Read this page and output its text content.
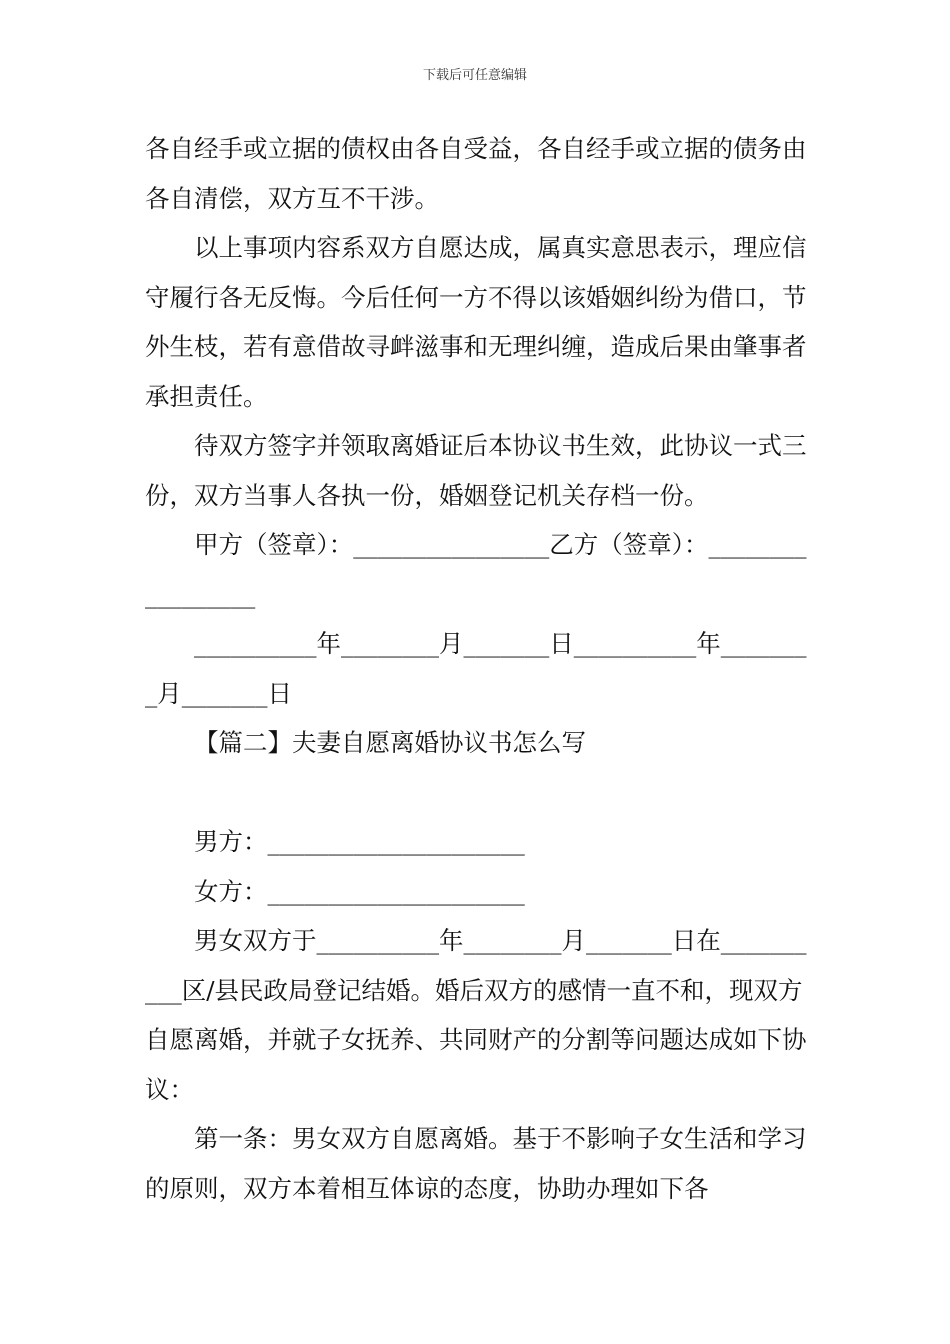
下载后可任意编辑

各自经手或立据的债权由各自受益，各自经手或立据的债务由各自清偿，双方互不干涉。

以上事项内容系双方自愿达成，属真实意思表示，理应信守履行各无反悔。今后任何一方不得以该婚姻纠纷为借口，节外生枝，若有意借故寻衅滋事和无理纠缠，造成后果由肇事者承担责任。

待双方签字并领取离婚证后本协议书生效，此协议一式三份，双方当事人各执一份，婚姻登记机关存档一份。

甲方（签章）：________________乙方（签章）：_________________

__________年________月_______日__________年________月_______日

【篇二】夫妻自愿离婚协议书怎么写

男方：_____________________

女方：_____________________

男女双方于__________年________月_______日在__________区/县民政局登记结婚。婚后双方的感情一直不和，现双方自愿离婚，并就子女抚养、共同财产的分割等问题达成如下协议：

第一条：男女双方自愿离婚。基于不影响子女生活和学习的原则，双方本着相互体谅的态度，协助办理如下各
